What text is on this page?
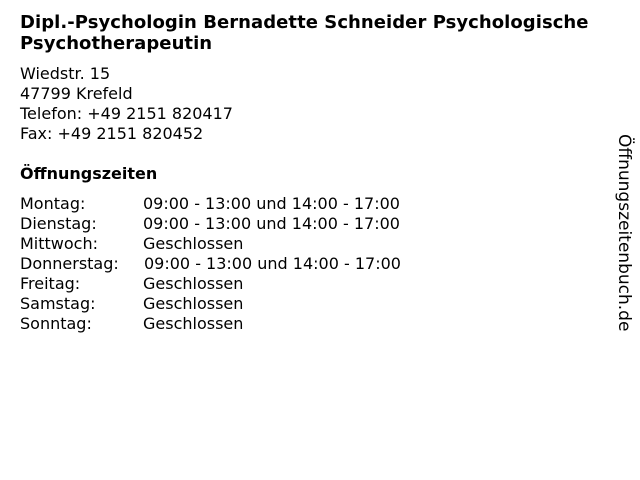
Dipl.-Psychologin Bernadette Schneider Psychologische Psychotherapeutin
Wiedstr. 15
47799 Krefeld
Telefon: +49 2151 820417
Fax: +49 2151 820452
Öffnungszeiten
Montag:	09:00 - 13:00 und 14:00 - 17:00
Dienstag:	09:00 - 13:00 und 14:00 - 17:00
Mittwoch:	Geschlossen
Donnerstag: 09:00 - 13:00 und 14:00 - 17:00
Freitag:	Geschlossen
Samstag:	Geschlossen
Sonntag:	Geschlossen	Öffnungszeitenbuch.de
